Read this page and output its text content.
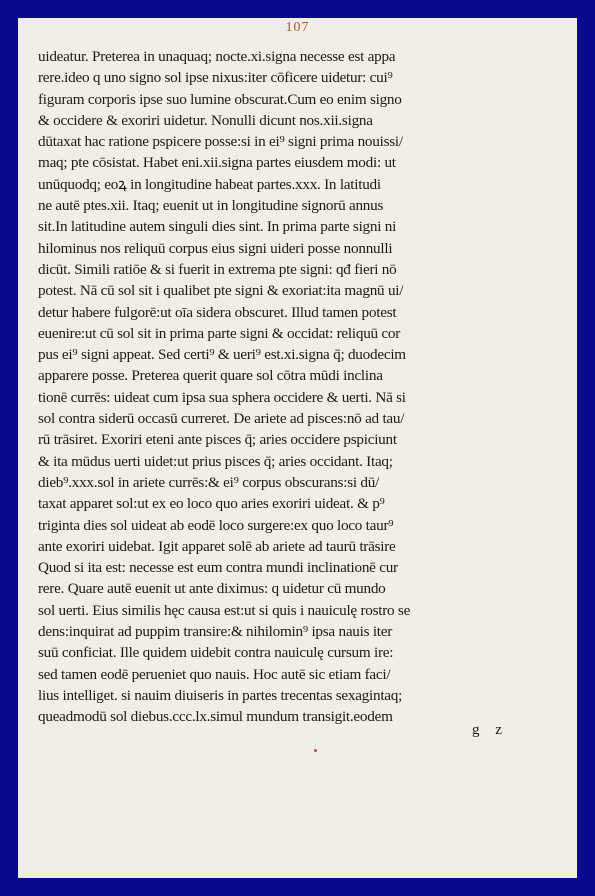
107
uideatur. Preterea in unaquaq; nocte.xi.signa necesse est appa
rere.ideo q uno signo sol ipse nixus:iter cōficere uidetur: cui⁹
figuram corporis ipse suo lumine obscurat.Cum eo enim signo
& occidere & exoriri uidetur. Nonulli dicunt nos.xii.signa
dūtaxat hac ratione pspicere posse:si in ei⁹ signi prima nouissi/
maq; pte cōsistat. Habet eni.xii.signa partes eiusdem modi: ut
unūquodq; eoꝝ in longitudine habeat partes.xxx. In latitudi
ne autē ptes.xii. Itaq; euenit ut in longitudine signorū annus
sit.In latitudine autem singuli dies sint. In prima parte signi ni
hilominus nos reliquū corpus eius signi uideri posse nonnulli
dicūt. Simili ratiōe & si fuerit in extrema pte signi: qđ fieri nō
potest. Nā cū sol sit i qualibet pte signi & exoriat:ita magnū ui/
detur habere fulgorē:ut oīa sidera obscuret. Illud tamen potest
euenire:ut cū sol sit in prima parte signi & occidat: reliquū cor
pus ei⁹ signi appeat. Sed certi⁹ & ueri⁹ est.xi.signa q̄; duodecim
apparere posse. Preterea querit quare sol cōtra mūdi inclina
tionē currēs: uideat cum ipsa sua sphera occidere & uerti. Nā si
sol contra siderū occasū curreret. De ariete ad pisces:nō ad tau/
rū trāsiret. Exoriri eteni ante pisces q̄; aries occidere pspiciunt
& ita mūdus uerti uidet:ut prius pisces q̄; aries occidant. Itaq;
dieb⁹.xxx.sol in ariete currēs:& ei⁹ corpus obscurans:si dū/
taxat apparet sol:ut ex eo loco quo aries exoriri uideat. & p⁹
triginta dies sol uideat ab eodē loco surgere:ex quo loco taur⁹
ante exoriri uidebat. Igit apparet solē ab ariete ad taurū trāsire
Quod si ita est: necesse est eum contra mundi inclinationē cur
rere. Quare autē euenit ut ante diximus: q uidetur cū mundo
sol uerti. Eius similis hęc causa est:ut si quis i nauiculę rostro se
dens:inquirat ad puppim transire:& nihilomin⁹ ipsa nauis iter
suū conficiat. Ille quidem uidebit contra nauiculę cursum ire:
sed tamen eodē perueniet quo nauis. Hoc autē sic etiam faci/
lius intelliget. si nauim diuiseris in partes trecentas sexagintaq;
queadmodū sol diebus.ccc.lx.simul mundum transigit.eodem
g z
